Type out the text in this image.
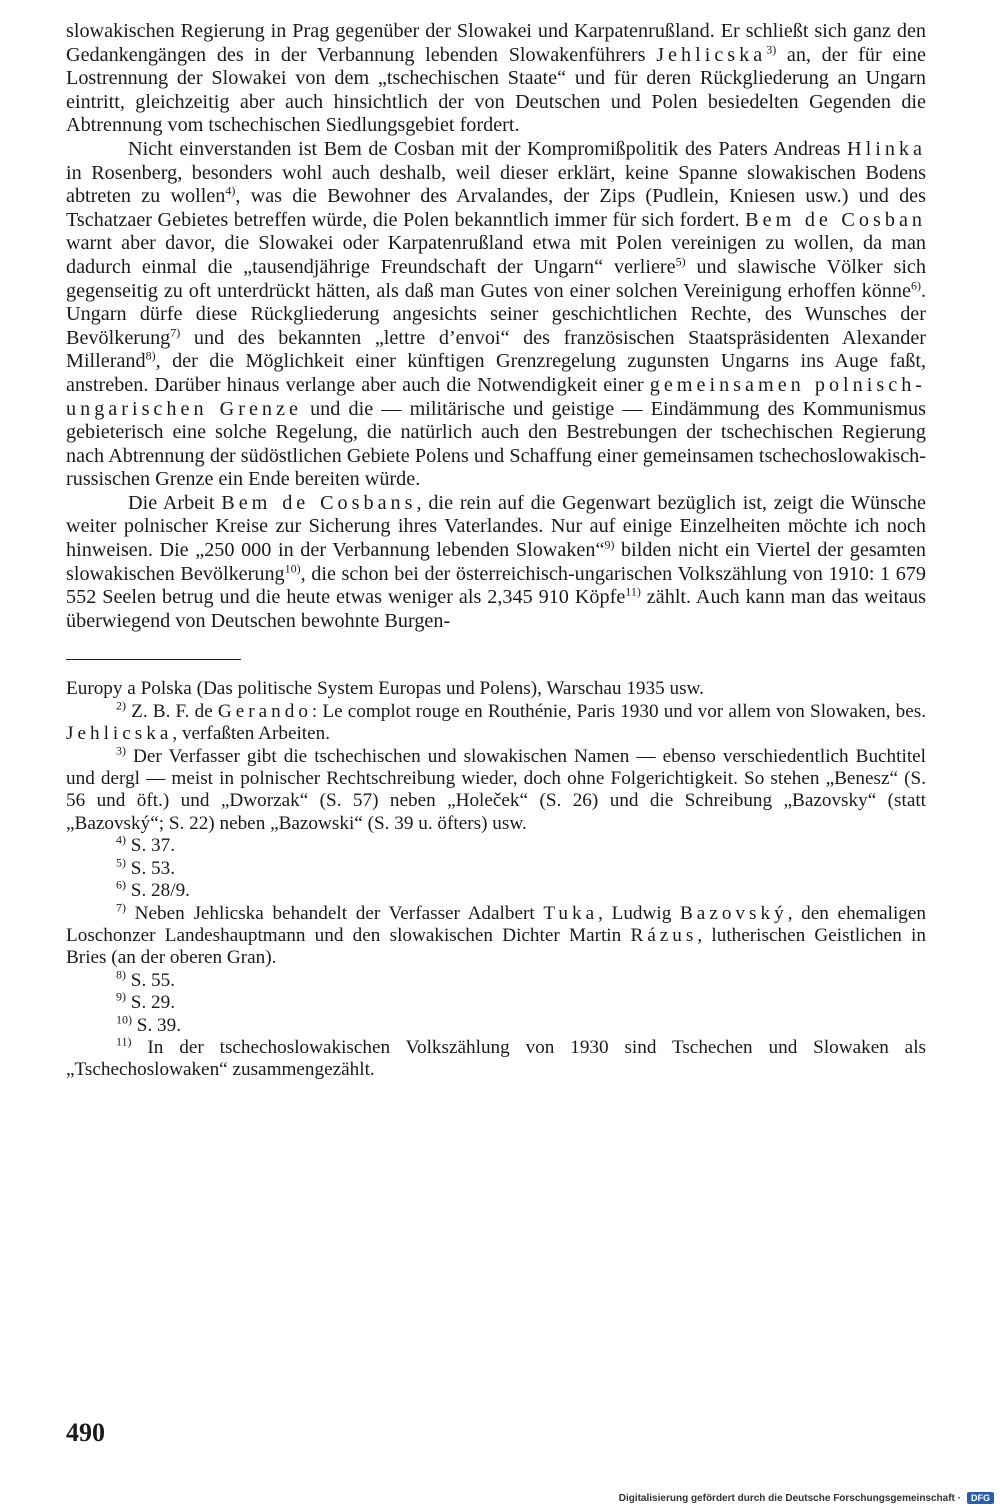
slowakischen Regierung in Prag gegenüber der Slowakei und Karpatenrußland. Er schließt sich ganz den Gedankengängen des in der Verbannung lebenden Slowakenführers Jehlicska$^{3)}$ an, der für eine Lostrennung der Slowakei von dem „tschechischen Staate“ und für deren Rückgliederung an Ungarn eintritt, gleichzeitig aber auch hinsichtlich der von Deutschen und Polen besiedelten Gegenden die Abtrennung vom tschechischen Siedlungsgebiet fordert.

Nicht einverstanden ist Bem de Cosban mit der Kompromißpolitik des Paters Andreas Hlinka in Rosenberg, besonders wohl auch deshalb, weil dieser erklärt, keine Spanne slowakischen Bodens abtreten zu wollen$^{4)}$, was die Bewohner des Arvalandes, der Zips (Pudlein, Kniesen usw.) und des Tschatzaer Gebietes betreffen würde, die Polen bekanntlich immer für sich fordert. Bem de Cosban warnt aber davor, die Slowakei oder Karpatenrußland etwa mit Polen vereinigen zu wollen, da man dadurch einmal die „tausendjährige Freundschaft der Ungarn“ verliere$^{5)}$ und slawische Völker sich gegenseitig zu oft unterdrückt hätten, als daß man Gutes von einer solchen Vereinigung erhoffen könne$^{6)}$. Ungarn dürfe diese Rückgliederung angesichts seiner geschichtlichen Rechte, des Wunsches der Bevölkerung$^{7)}$ und des bekannten „lettre d’envoi“ des französischen Staatspräsidenten Alexander Millerand$^{8)}$, der die Möglichkeit einer künftigen Grenzregelung zugunsten Ungarns ins Auge faßt, anstreben. Darüber hinaus verlange aber auch die Notwendigkeit einer gemeinsamen polnisch-ungarischen Grenze und die — militärische und geistige — Eindämmung des Kommunismus gebieterisch eine solche Regelung, die natürlich auch den Bestrebungen der tschechischen Regierung nach Abtrennung der südöstlichen Gebiete Polens und Schaffung einer gemeinsamen tschechoslowakisch-russischen Grenze ein Ende bereiten würde.

Die Arbeit Bem de Cosbans, die rein auf die Gegenwart bezüglich ist, zeigt die Wünsche weiter polnischer Kreise zur Sicherung ihres Vaterlandes. Nur auf einige Einzelheiten möchte ich noch hinweisen. Die „250 000 in der Verbannung lebenden Slowaken“$^{9)}$ bilden nicht ein Viertel der gesamten slowakischen Bevölkerung$^{10)}$, die schon bei der österreichisch-ungarischen Volkszählung von 1910: 1 679 552 Seelen betrug und die heute etwas weniger als 2,345 910 Köpfe$^{11)}$ zählt. Auch kann man das weitaus überwiegend von Deutschen bewohnte Burgen-

Europy a Polska (Das politische System Europas und Polens), Warschau 1935 usw.

$^{2)}$ Z. B. F. de Gerando: Le complot rouge en Routhénie, Paris 1930 und vor allem von Slowaken, bes. Jehlicska, verfaßten Arbeiten.

$^{3)}$ Der Verfasser gibt die tschechischen und slowakischen Namen — ebenso verschiedentlich Buchtitel und dergl — meist in polnischer Rechtschreibung wieder, doch ohne Folgerichtigkeit. So stehen „Benesz“ (S. 56 und öft.) und „Dworzak“ (S. 57) neben „Holeček“ (S. 26) und die Schreibung „Bazovsky“ (statt „Bazovský“; S. 22) neben „Bazowski“ (S. 39 u. öfters) usw.

$^{4)}$ S. 37.

$^{5)}$ S. 53.

$^{6)}$ S. 28/9.

$^{7)}$ Neben Jehlicska behandelt der Verfasser Adalbert Tuka, Ludwig Bazovský, den ehemaligen Loschonzer Landeshauptmann und den slowakischen Dichter Martin Rázus, lutherischen Geistlichen in Bries (an der oberen Gran).

$^{8)}$ S. 55.

$^{9)}$ S. 29.

$^{10)}$ S. 39.

$^{11)}$ In der tschechoslowakischen Volkszählung von 1930 sind Tschechen und Slowaken als „Tschechoslowaken“ zusammengezählt.

490
Digitalisierung gefördert durch die Deutsche Forschungsgemeinschaft ·	DFG
